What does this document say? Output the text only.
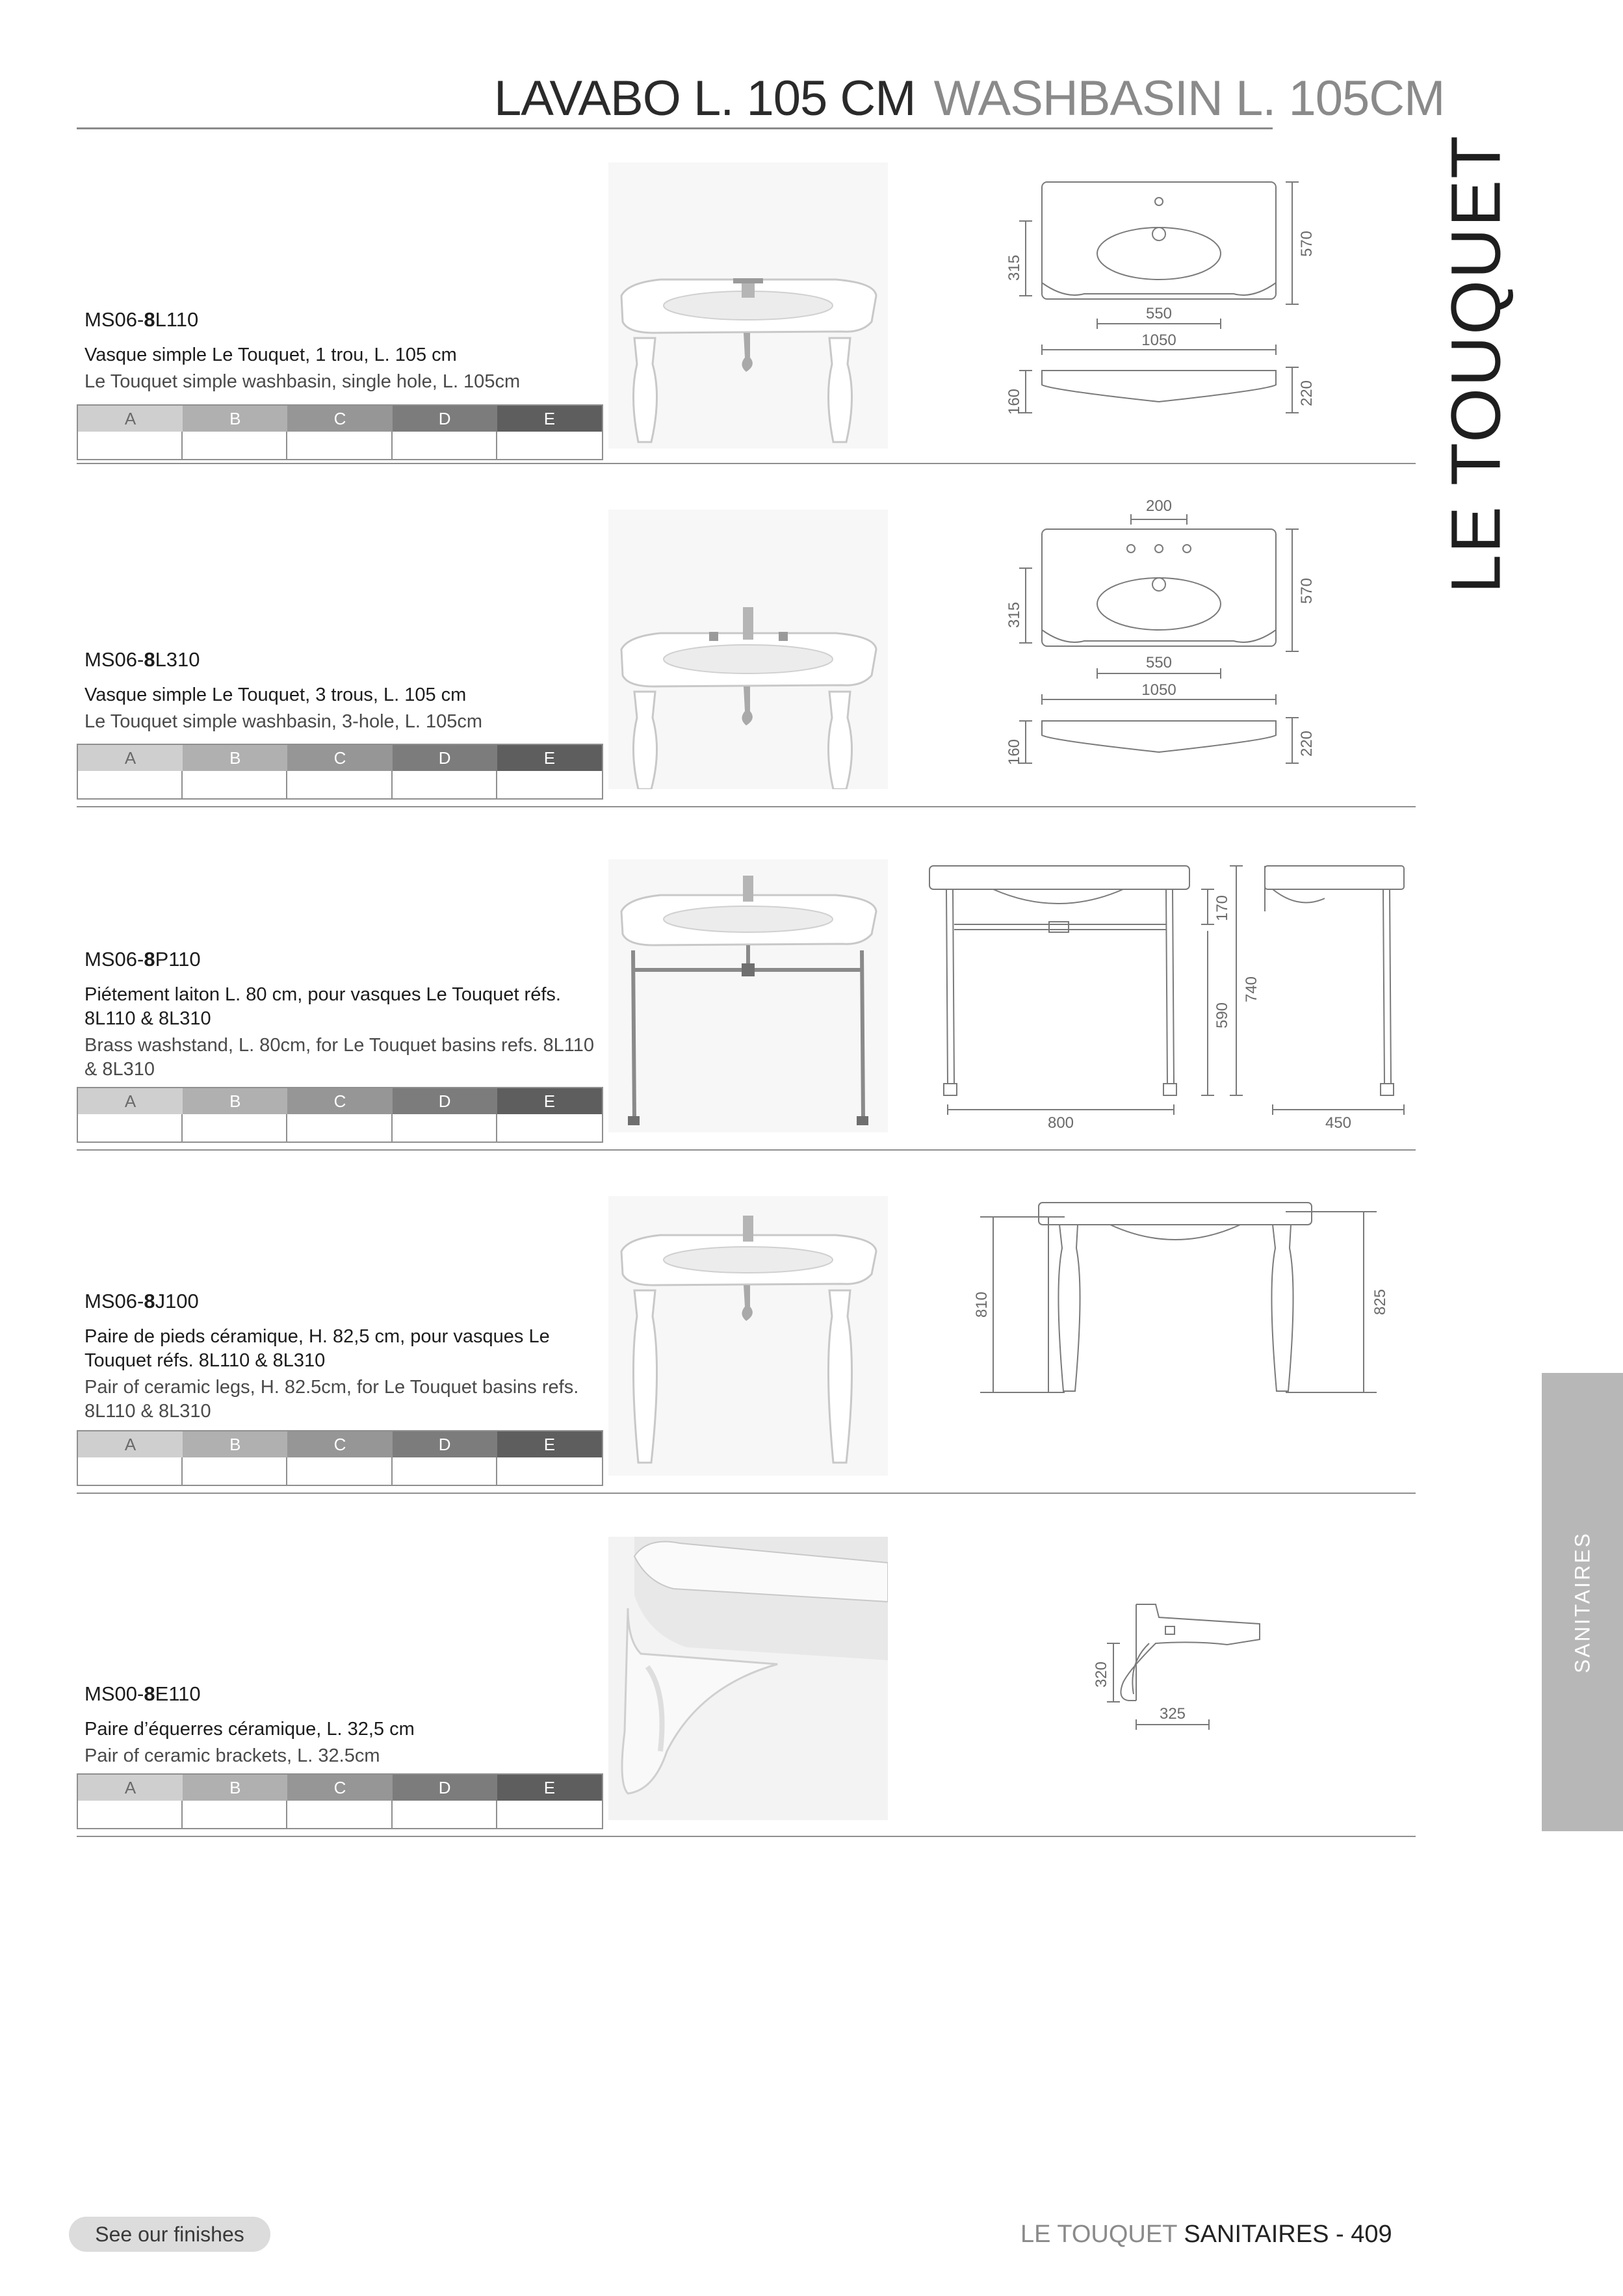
LAVABO L. 105 CM WASHBASIN L. 105CM
LE TOUQUET
SANITAIRES
MS06-8L110
Vasque simple Le Touquet, 1 trou, L. 105 cm
Le Touquet simple washbasin, single hole, L. 105cm
A	B	C	D	E
315
570
550
1050
160	220
MS06-8L310
Vasque simple Le Touquet, 3 trous, L. 105 cm
Le Touquet simple washbasin, 3-hole, L. 105cm
A	B	C	D	E
200
315
570
550
1050
160	220
MS06-8P110
Piétement laiton L. 80 cm, pour vasques Le Touquet réfs. 8L110 & 8L310
Brass washstand, L. 80cm, for Le Touquet basins refs. 8L110 & 8L310
A	B	C	D	E
170
590
740
800	450
MS06-8J100
Paire de pieds céramique, H. 82,5 cm, pour vasques Le Touquet réfs. 8L110 & 8L310
Pair of ceramic legs, H. 82.5cm, for Le Touquet basins refs. 8L110 & 8L310
A	B	C	D	E
810	825
MS00-8E110
Paire d’équerres céramique, L. 32,5 cm
Pair of ceramic brackets, L. 32.5cm
A	B	C	D	E
320
325
See our finishes	LE TOUQUET SANITAIRES - 409
